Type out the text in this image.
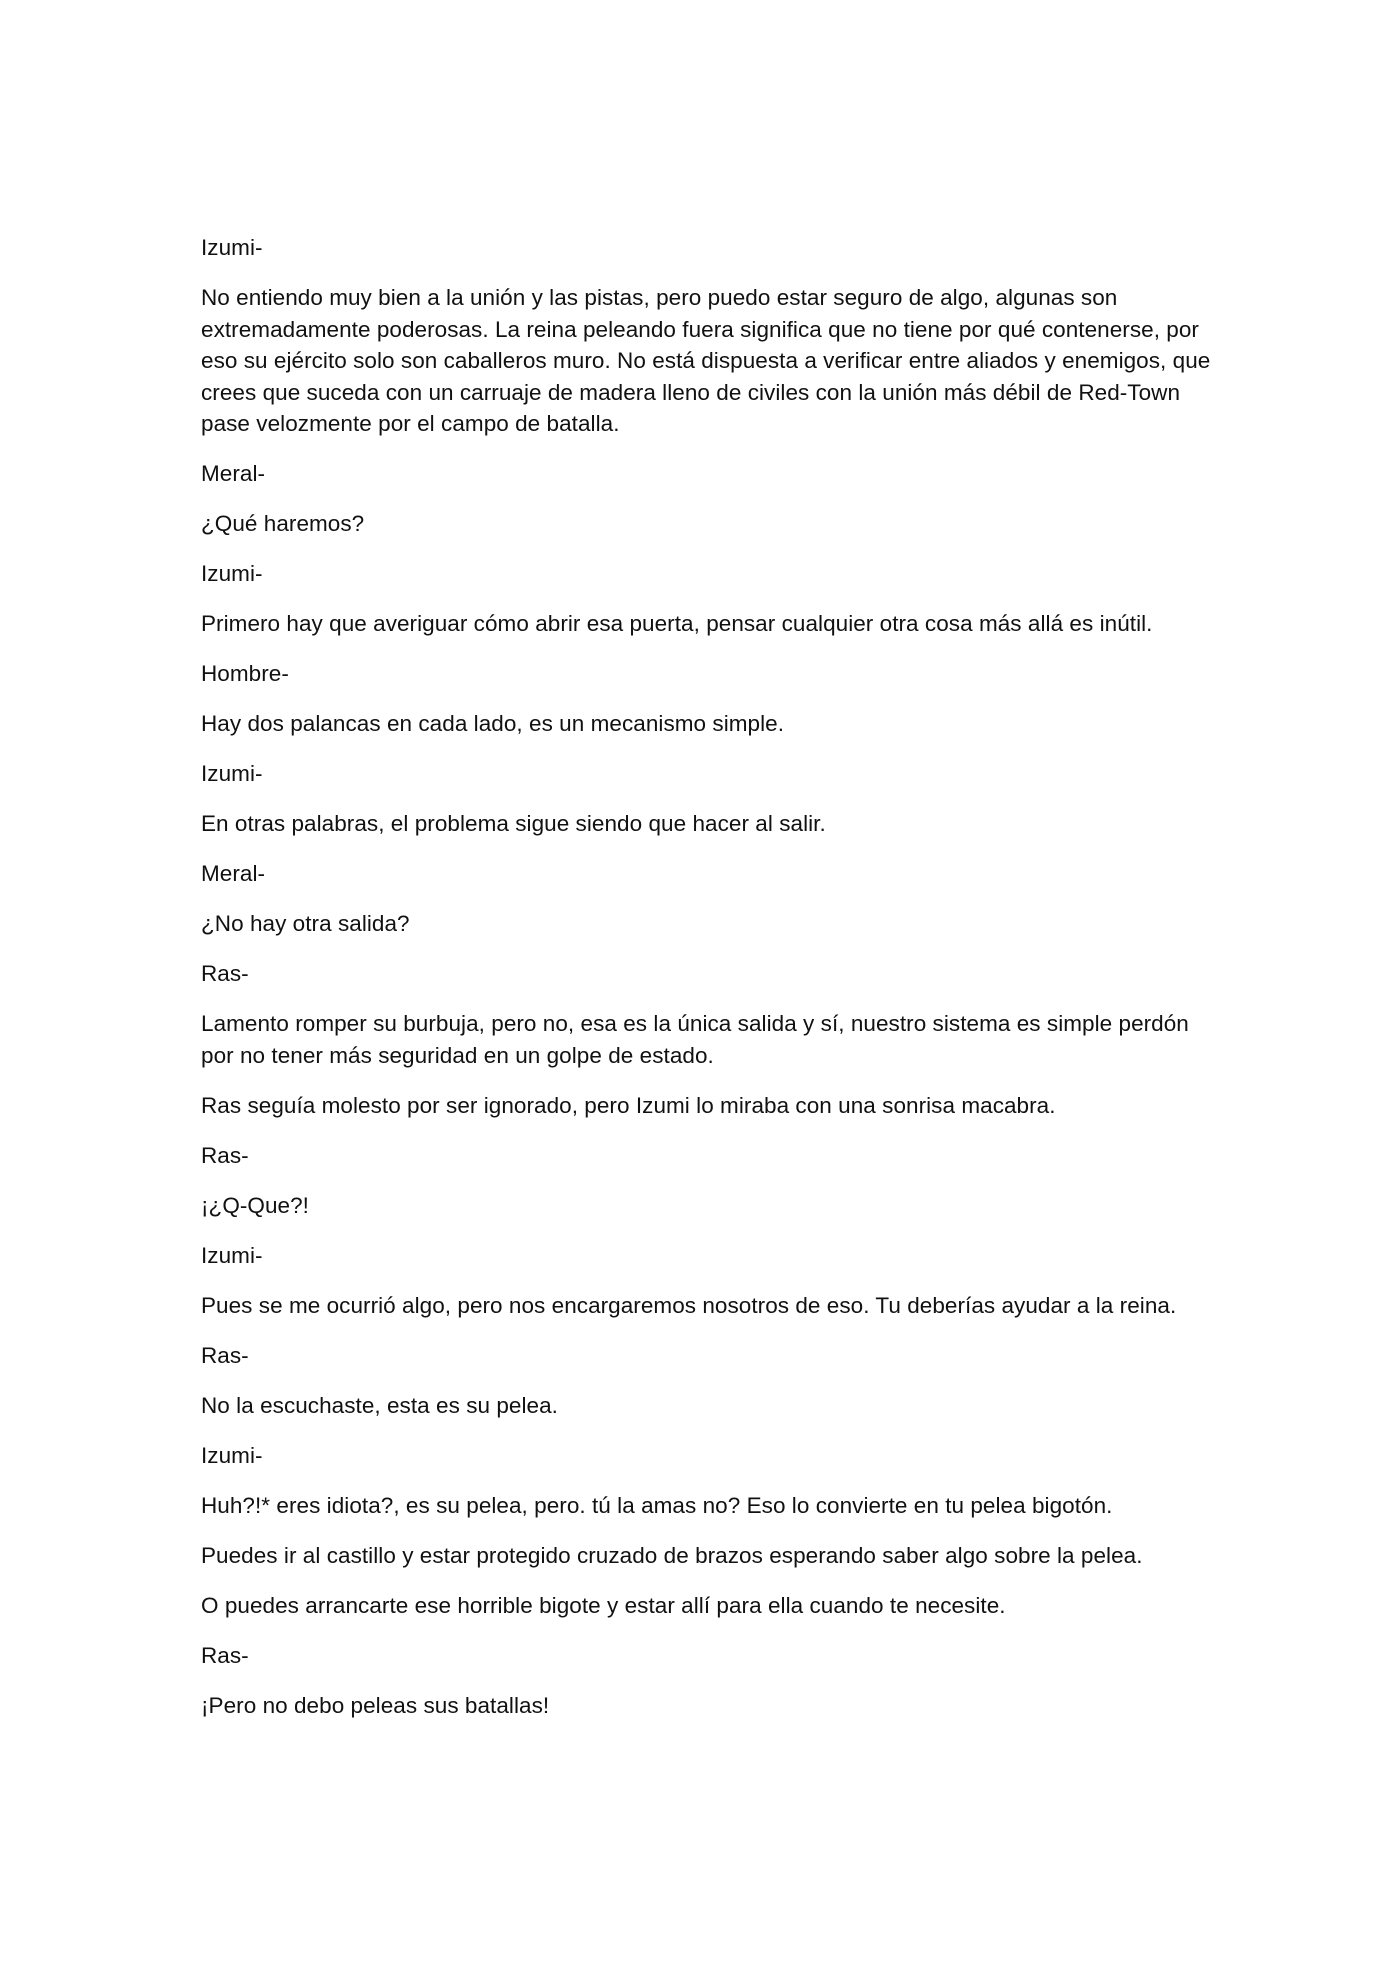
Izumi-

No entiendo muy bien a la unión y las pistas, pero puedo estar seguro de algo, algunas son extremadamente poderosas. La reina peleando fuera significa que no tiene por qué contenerse, por eso su ejército solo son caballeros muro. No está dispuesta a verificar entre aliados y enemigos, que crees que suceda con un carruaje de madera lleno de civiles con la unión más débil de Red-Town pase velozmente por el campo de batalla.

Meral-

¿Qué haremos?

Izumi-

Primero hay que averiguar cómo abrir esa puerta, pensar cualquier otra cosa más allá es inútil.

Hombre-

Hay dos palancas en cada lado, es un mecanismo simple.

Izumi-

En otras palabras, el problema sigue siendo que hacer al salir.

Meral-

¿No hay otra salida?

Ras-

Lamento romper su burbuja, pero no, esa es la única salida y sí, nuestro sistema es simple perdón por no tener más seguridad en un golpe de estado.

Ras seguía molesto por ser ignorado, pero Izumi lo miraba con una sonrisa macabra.

Ras-

¡¿Q-Que?!

Izumi-

Pues se me ocurrió algo, pero nos encargaremos nosotros de eso. Tu deberías ayudar a la reina.

Ras-

No la escuchaste, esta es su pelea.

Izumi-

Huh?!* eres idiota?, es su pelea, pero. tú la amas no? Eso lo convierte en tu pelea bigotón.

Puedes ir al castillo y estar protegido cruzado de brazos esperando saber algo sobre la pelea.

O puedes arrancarte ese horrible bigote y estar allí para ella cuando te necesite.

Ras-

¡Pero no debo peleas sus batallas!
